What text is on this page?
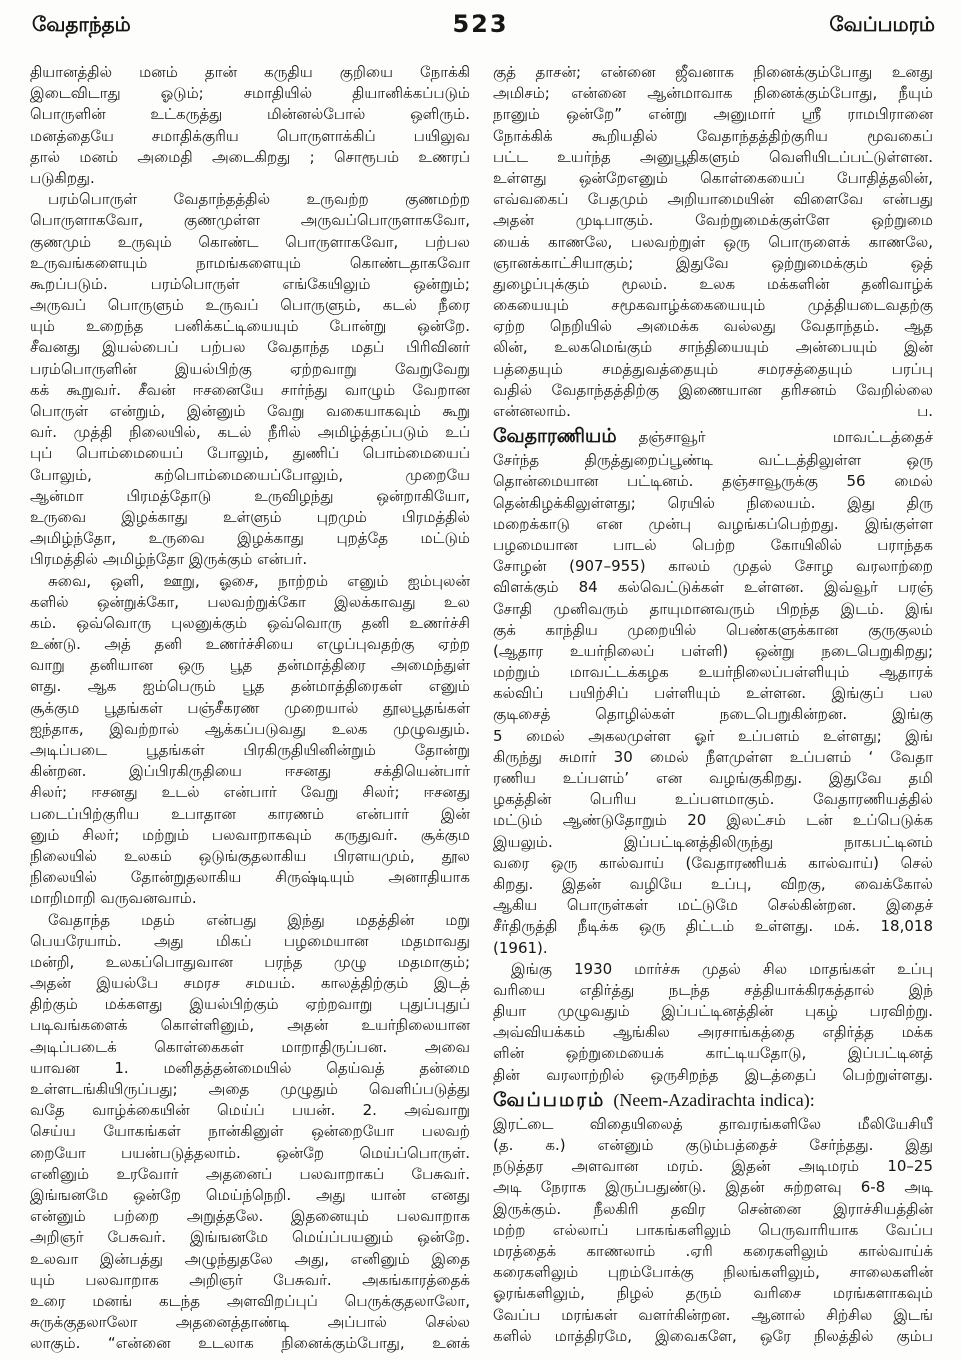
வேதாந்தம்	523	வேப்பமரம்
தியானத்தில் மனம் தான் கருதிய குறியை நோக்கி
இடைவிடாது ஓடும்; சமாதியில் தியானிக்கப்படும்
பொருளின் உட்கருத்து மின்னல்போல் ஒளிரும்.
மனத்தையே சமாதிக்குரிய பொருளாக்கிப் பயிலுவ
தால் மனம் அமைதி அடைகிறது ; சொரூபம் உணரப்
படுகிறது.
பரம்பொருள் வேதாந்தத்தில் உருவற்ற குணமற்ற
பொருளாகவோ, குணமுள்ள அருவப்பொருளாகவோ,
குணமும் உருவும் கொண்ட பொருளாகவோ, பற்பல
உருவங்களையும் நாமங்களையும் கொண்டதாகவோ
கூறப்படும். பரம்பொருள் எங்கேயிலும் ஒன்றும்;
அருவப் பொருளும் உருவப் பொருளும், கடல் நீரை
யும் உறைந்த பனிக்கட்டியையும் போன்று ஒன்றே.
சீவனது இயல்பைப் பற்பல வேதாந்த மதப் பிரிவினர்
பரம்பொருளின் இயல்பிற்கு ஏற்றவாறு வேறுவேறு
கக் கூறுவர். சீவன் ஈசனையே சார்ந்து வாழும் வேறான
பொருள் என்றும், இன்னும் வேறு வகையாகவும் கூறு
வர். முத்தி நிலையில், கடல் நீரில் அமிழ்த்தப்படும் உப்
புப் பொம்மையைப் போலும், துணிப் பொம்மையைப்
போலும், கற்பொம்மையைப்போலும், முறையே
ஆன்மா பிரமத்தோடு உருவிழந்து ஒன்றாகியோ,
உருவை இழக்காது உள்ளும் புறமும் பிரமத்தில்
அமிழ்ந்தோ, உருவை இழக்காது புறத்தே மட்டும்
பிரமத்தில் அமிழ்ந்தோ இருக்கும் என்பர்.
சுவை, ஒளி, ஊறு, ஓசை, நாற்றம் எனும் ஐம்புலன்
களில் ஒன்றுக்கோ, பலவற்றுக்கோ இலக்காவது உல
கம். ஒவ்வொரு புலனுக்கும் ஒவ்வொரு தனி உணர்ச்சி
உண்டு. அத் தனி உணர்ச்சியை எழுப்புவதற்கு ஏற்ற
வாறு தனியான ஒரு பூத தன்மாத்திரை அமைந்துள்
ளது. ஆக ஐம்பெரும் பூத தன்மாத்திரைகள் எனும்
சூக்கும பூதங்கள் பஞ்சீகரண முறையால் தூலபூதங்கள்
ஐந்தாக, இவற்றால் ஆக்கப்படுவது உலக முழுவதும்.
அடிப்படை பூதங்கள் பிரகிருதியினின்றும் தோன்று
கின்றன. இப்பிரகிருதியை ஈசனது சக்தியென்பார்
சிலர்; ஈசனது உடல் என்பார் வேறு சிலர்; ஈசனது
படைப்பிற்குரிய உபாதான காரணம் என்பார் இன்
னும் சிலர்; மற்றும் பலவாறாகவும் கருதுவர். சூக்கும
நிலையில் உலகம் ஒடுங்குதலாகிய பிரளயமும், தூல
நிலையில் தோன்றுதலாகிய சிருஷ்டியும் அனாதியாக
மாறிமாறி வருவனவாம்.
வேதாந்த மதம் என்பது இந்து மதத்தின் மறு
பெயரேயாம். அது மிகப் பழமையான மதமாவது
மன்றி, உலகப்பொதுவான பரந்த முழு மதமாகும்;
அதன் இயல்பே சமரச சமயம். காலத்திற்கும் இடத்
திற்கும் மக்களது இயல்பிற்கும் ஏற்றவாறு புதுப்புதுப்
படிவங்களைக் கொள்ளினும், அதன் உயர்நிலையான
அடிப்படைக் கொள்கைகள் மாறாதிருப்பன. அவை
யாவன 1. மனிதத்தன்மையில் தெய்வத் தன்மை
உள்ளடங்கியிருப்பது; அதை முழுதும் வெளிப்படுத்து
வதே வாழ்க்கையின் மெய்ப் பயன். 2. அவ்வாறு
செய்ய யோகங்கள் நான்கினுள் ஒன்றையோ பலவற்
றையோ பயன்படுத்தலாம். ஒன்றே மெய்ப்பொருள்.
எனினும் உரவோர் அதனைப் பலவாறாகப் பேசுவர்.
இங்ஙனமே ஒன்றே மெய்ந்நெறி. அது யான் எனது
என்னும் பற்றை அறுத்தலே. இதனையும் பலவாறாக
அறிஞர் பேசுவர். இங்ஙனமே மெய்ப்பயனும் ஒன்றே.
உலவா இன்பத்து அழுந்துதலே அது, எனினும் இதை
யும் பலவாறாக அறிஞர் பேசுவர். அகங்காரத்தைக்
உரை மனங் கடந்த அளவிறப்புப் பெருக்குதலாலோ,
சுருக்குதலாலோ அதனைத்தாண்டி அப்பால் செல்ல
லாகும். “என்னை உடலாக நினைக்கும்போது, உனக்
குத் தாசன்; என்னை ஜீவனாக நினைக்கும்போது உனது
அமிசம்; என்னை ஆன்மாவாக நினைக்கும்போது, நீயும்
நானும் ஒன்றே” என்று அனுமார் ஸ்ரீ ராமபிரானை
நோக்கிக் கூறியதில் வேதாந்தத்திற்குரிய மூவகைப்
பட்ட உயர்ந்த அனுபூதிகளும் வெளியிடப்பட்டுள்ளன.
உள்ளது ஒன்றேஎனும் கொள்கையைப் போதித்தலின்,
எவ்வகைப் பேதமும் அறியாமையின் விளைவே என்பது
அதன் முடிபாகும். வேற்றுமைக்குள்ளே ஒற்றுமை
யைக் காணலே, பலவற்றுள் ஒரு பொருளைக் காணலே,
ஞானக்காட்சியாகும்; இதுவே ஒற்றுமைக்கும் ஒத்
துழைப்புக்கும் மூலம். உலக மக்களின் தனிவாழ்க்
கையையும் சமூகவாழ்க்கையையும் முத்தியடைவதற்கு
ஏற்ற நெறியில் அமைக்க வல்லது வேதாந்தம். ஆத
லின், உலகமெங்கும் சாந்தியையும் அன்பையும் இன்
பத்தையும் சமத்துவத்தையும் சமரசத்தையும் பரப்பு
வதில் வேதாந்தத்திற்கு இணையான தரிசனம் வேறில்லை
என்னலாம்.	ப.
வேதாரணியம்	தஞ்சாவூர் மாவட்டத்தைச்
சேர்ந்த திருத்துறைப்பூண்டி வட்டத்திலுள்ள ஒரு
தொன்மையான பட்டினம். தஞ்சாவூருக்கு 56 மைல்
தென்கிழக்கிலுள்ளது; ரெயில் நிலையம். இது திரு
மறைக்காடு என முன்பு வழங்கப்பெற்றது. இங்குள்ள
பழமையான பாடல் பெற்ற கோயிலில் பராந்தக
சோழன் (907–955) காலம் முதல் சோழ வரலாற்றை
விளக்கும் 84 கல்வெட்டுக்கள் உள்ளன. இவ்வூர் பரஞ்
சோதி முனிவரும் தாயுமானவரும் பிறந்த இடம். இங்
குக் காந்திய முறையில் பெண்களுக்கான குருகுலம்
(ஆதார உயர்நிலைப் பள்ளி) ஒன்று நடைபெறுகிறது;
மற்றும் மாவட்டக்கழக உயர்நிலைப்பள்ளியும் ஆதாரக்
கல்விப் பயிற்சிப் பள்ளியும் உள்ளன. இங்குப் பல
குடிசைத் தொழில்கள் நடைபெறுகின்றன. இங்கு
5 மைல் அகலமுள்ள ஓர் உப்பளம் உள்ளது; இங்
கிருந்து சுமார் 30 மைல் நீளமுள்ள உப்பளம் ‘ வேதா
ரணிய உப்பளம்’ என வழங்குகிறது. இதுவே தமி
ழகத்தின் பெரிய உப்பளமாகும். வேதாரணியத்தில்
மட்டும் ஆண்டுதோறும் 20 இலட்சம் டன் உப்பெடுக்க
இயலும். இப்பட்டினத்திலிருந்து நாகபட்டினம்
வரை ஒரு கால்வாய் (வேதாரணியக் கால்வாய்) செல்
கிறது. இதன் வழியே உப்பு, விறகு, வைக்கோல்
ஆகிய பொருள்கள் மட்டுமே செல்கின்றன. இதைச்
சீர்திருத்தி நீடிக்க ஒரு திட்டம் உள்ளது. மக். 18,018
(1961).
இங்கு 1930 மார்ச்சு முதல் சில மாதங்கள் உப்பு
வரியை எதிர்த்து நடந்த சத்தியாக்கிரகத்தால் இந்
தியா முழுவதும் இப்பட்டினத்தின் புகழ் பரவிற்று.
அவ்வியக்கம் ஆங்கில அரசாங்கத்தை எதிர்த்த மக்க
ளின் ஒற்றுமையைக் காட்டியதோடு, இப்பட்டினத்
தின் வரலாற்றில் ஒருசிறந்த இடத்தைப் பெற்றுள்ளது.
வேப்பமரம் (Neem-Azadirachta indica):
இரட்டை விதையிலைத் தாவரங்களிலே மீலியேசியீ
(த. க.) என்னும் குடும்பத்தைச் சேர்ந்தது. இது
நடுத்தர அளவான மரம். இதன் அடிமரம் 10–25
அடி நேராக இருப்பதுண்டு. இதன் சுற்றளவு 6-8 அடி
இருக்கும். நீலகிரி தவிர சென்னை இராச்சியத்தின்
மற்ற எல்லாப் பாகங்களிலும் பெருவாரியாக வேப்ப
மரத்தைக் காணலாம் .ஏரி கரைகளிலும் கால்வாய்க்
கரைகளிலும் புறம்போக்கு நிலங்களிலும், சாலைகளின்
ஓரங்களிலும், நிழல் தரும் வரிசை மரங்களாகவும்
வேப்ப மரங்கள் வளர்கின்றன. ஆனால் சிற்சில இடங்
களில் மாத்திரமே, இவைகளே, ஒரே நிலத்தில் கும்ப
